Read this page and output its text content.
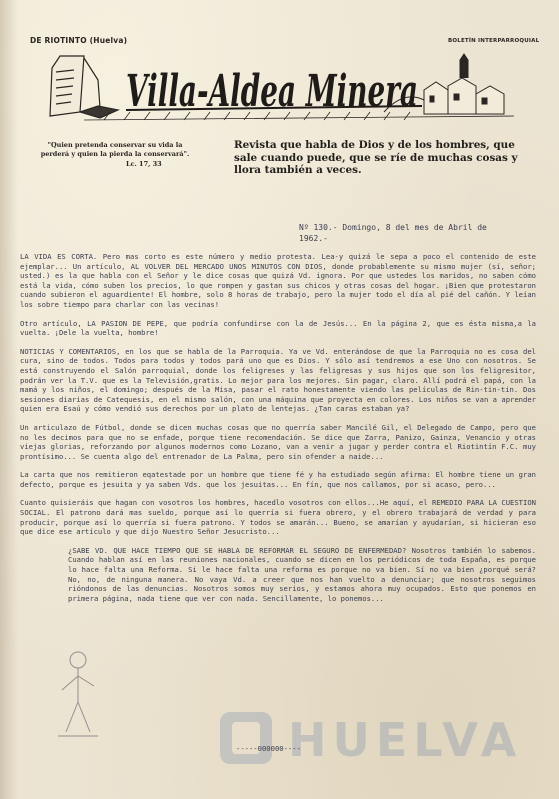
DE RIOTINTO (Huelva)	BOLETÍN INTERPARROQUIAL
Villa-Aldea Minera
"Quien pretenda conservar su vida la perderá y quien la pierda la conservará".
Lc. 17, 33
Revista que habla de Dios y de los hombres, que sale cuando puede, que se ríe de muchas cosas y llora también a veces.
Nº 130.- Domingo, 8 del mes de Abril de 1962.-

LA VIDA ES CORTA. Pero mas corto es este número y medio protesta. Lea-y quizá le sepa a poco el contenido de este ejemplar... Un artículo, AL VOLVER DEL MERCADO UNOS MINUTOS CON DIOS, donde probablemente su mismo mujer (sí, señor; usted.) es la que habla con el Señor y le dice cosas que quizá Vd. ignora. Por que ustedes los maridos, no saben cómo está la vida, cómo suben los precios, lo que rompen y gastan sus chicos y otras cosas del hogar. ¡Bien que protestaron cuando subieron el aguardiente! El hombre, solo 8 horas de trabajo, pero la mujer todo el día al pié del cañón. Y leían los sobre tiempo para charlar con las vecinas!

Otro artículo, LA PASION DE PEPE, que podría confundirse con la de Jesús... En la página 2, que es ésta misma,a la vuelta. ¡Dele la vuelta, hombre!

NOTICIAS Y COMENTARIOS, en los que se habla de la Parroquia. Ya ve Vd. enterándose de que la Parroquia no es cosa del cura, sino de todos. Todos para todos y todos pará uno que es Dios. Y sólo así tendremos a ese Uno con nosotros. Se está construyendo el Salón parroquial, donde los feligreses y las feligresas y sus hijos que son los feligresitor, podrán ver la T.V. que es la Televisión,gratis. Lo mejor para los mejores. Sin pagar, claro. Allí podrá el papá, con la mamá y los niños, el domingo; después de la Misa, pasar el rato honestamente viendo las películas de Rin-tin-tin. Dos sesiones diarias de Catequesis, en el mismo salón, con una máquina que proyecta en colores. Los niños se van a aprender quien era Esaú y cómo vendió sus derechos por un plato de lentejas. ¿Tan caras estaban ya?

Un articulazo de Fútbol, donde se dicen muchas cosas que no querría saber Mancilé Gil, el Delegado de Campo, pero que no les decimos para que no se enfade, porque tiene recomendación. Se dice que Zarra, Panizo, Gainza, Venancio y otras viejas glorias, reforzando por algunos modernos como Lozano, van a venir a jugar y perder contra el Riotintín F.C. muy prontísimo... Se cuenta algo del entrenador de La Palma, pero sin ofender a naide...

La carta que nos remitieron eqatestade por un hombre que tiene fé y ha estudiado según afirma: El hombre tiene un gran defecto, porque es jesuita y ya saben Vds. que los jesuitas... En fín, que nos callamos, por si acaso, pero...

Cuanto quisieráis que hagan con vosotros los hombres, hacedlo vosotros con ellos...He aquí, el REMEDIO PARA LA CUESTION SOCIAL. El patrono dará mas sueldo, porque así lo querría si fuera obrero, y el obrero trabajará de verdad y para producir, porque así lo querría si fuera patrono. Y todos se amarán... Bueno, se amarían y ayudarían, si hicieran eso que dice ese artículo y que dijo Nuestro Señor Jesucristo...

¿SABE VD. QUE HACE TIEMPO QUE SE HABLA DE REFORMAR EL SEGURO DE ENFERMEDAD? Nosotros también lo sabemos. Cuando hablan así en las reuniones nacionales, cuando se dicen en los periódicos de toda España, es porque lo hace falta una Reforma. Si le hace falta una reforma es porque no va bien. Sí no va bien ¿porqué será? No, no, de ninguna manera. No vaya Vd. a creer que nos han vuelto a denunciar; que nosotros seguimos rióndonos de las denuncias. Nosotros somos muy serios, y estamos ahora muy ocupados. Esto que ponemos en primera página, nada tiene que ver con nada. Sencillamente, lo ponemos...

HUELVA
-----000000----
